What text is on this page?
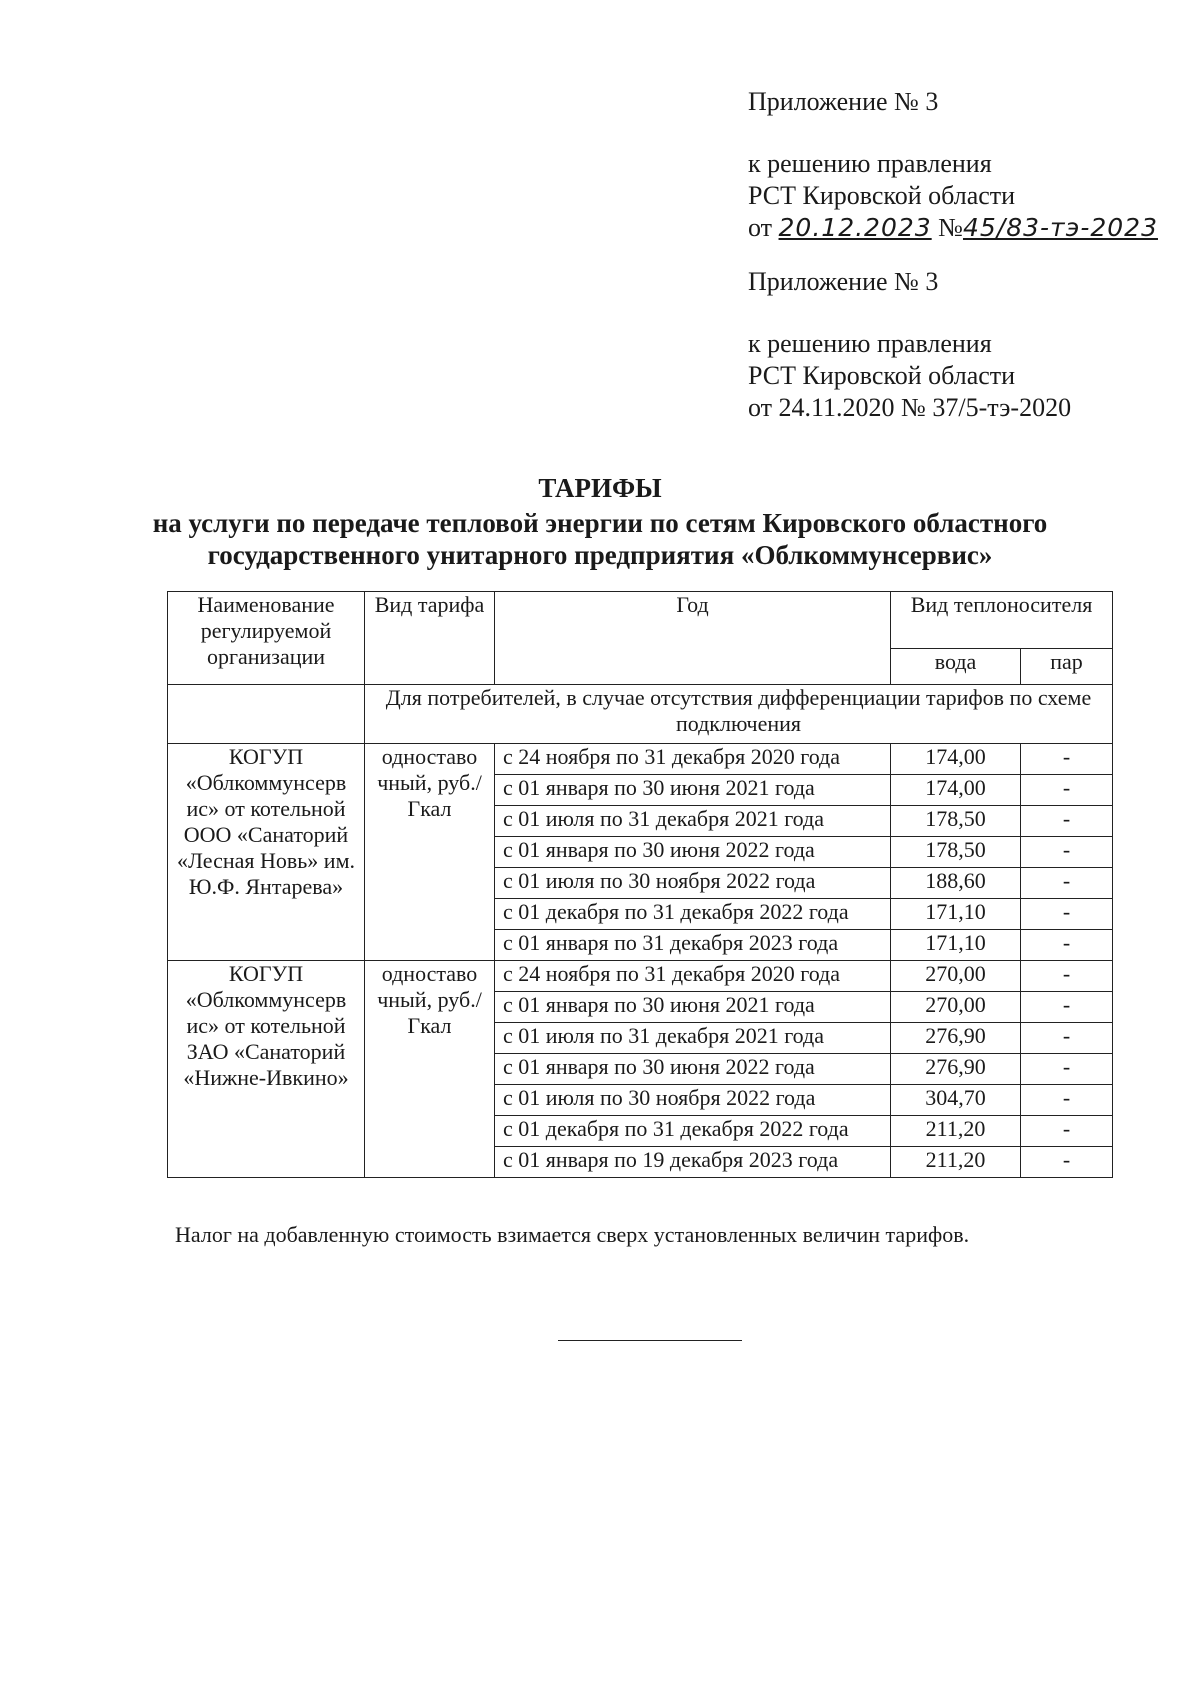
Приложение № 3
к решению правления
РСТ Кировской области
от 20.12.2023 №45/83-тэ-2023
Приложение № 3
к решению правления
РСТ Кировской области
от 24.11.2020 № 37/5-тэ-2020
ТАРИФЫ
на услуги по передаче тепловой энергии по сетям Кировского областного
государственного унитарного предприятия «Облкоммунсервис»
Наименование регулируемой организации	Вид тарифа	Год	Вид теплоносителя	
			вода	пар
	Для потребителей, в случае отсутствия дифференциации тарифов по схеме подключения			
КОГУП «Облкоммунсерв ис» от котельной ООО «Санаторий «Лесная Новь» им. Ю.Ф. Янтарева»	одноставо чный, руб./Гкал	с 24 ноября по 31 декабря 2020 года	174,00	-
		с 01 января по 30 июня 2021 года	174,00	-
		с 01 июля по 31 декабря 2021 года	178,50	-
		с 01 января по 30 июня 2022 года	178,50	-
		с 01 июля по 30 ноября 2022 года	188,60	-
		с 01 декабря по 31 декабря 2022 года	171,10	-
		с 01 января по 31 декабря 2023 года	171,10	-
КОГУП «Облкоммунсерв ис» от котельной ЗАО «Санаторий «Нижне-Ивкино»	одноставо чный, руб./Гкал	с 24 ноября по 31 декабря 2020 года	270,00	-
		с 01 января по 30 июня 2021 года	270,00	-
		с 01 июля по 31 декабря 2021 года	276,90	-
		с 01 января по 30 июня 2022 года	276,90	-
		с 01 июля по 30 ноября 2022 года	304,70	-
		с 01 декабря по 31 декабря 2022 года	211,20	-
		с 01 января по 19 декабря 2023 года	211,20	-
Налог на добавленную стоимость взимается сверх установленных величин тарифов.
